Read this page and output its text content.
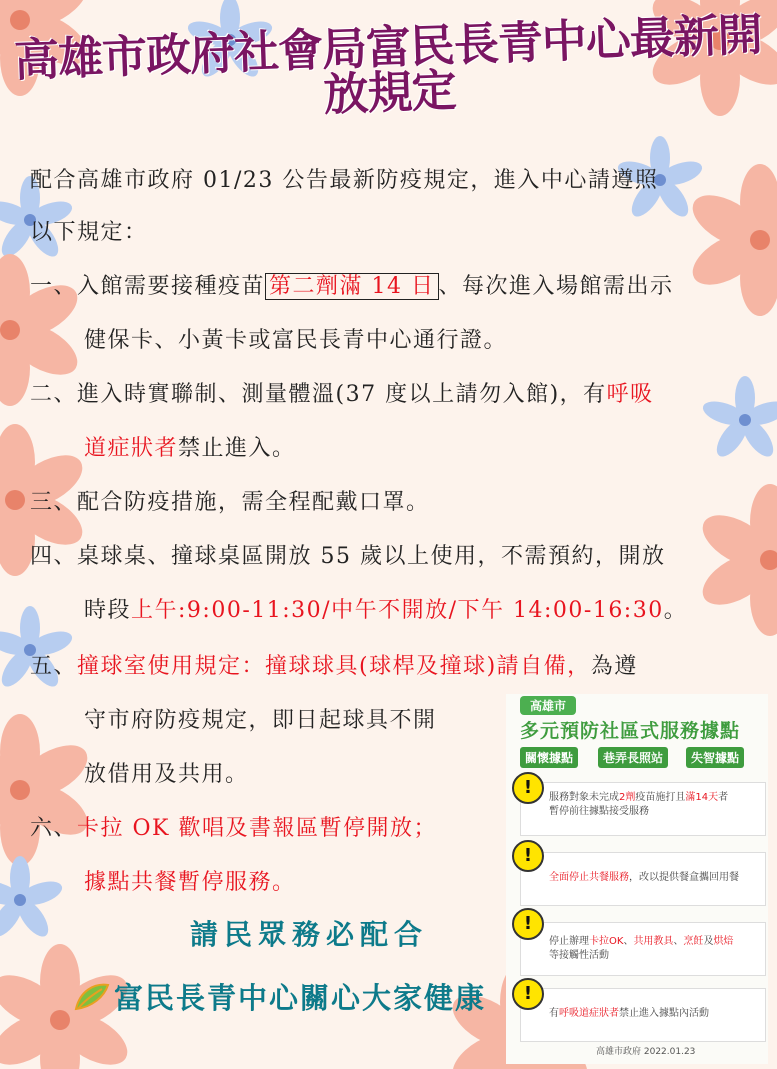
高雄市政府社會局富民長青中心最新開放規定
配合高雄市政府 01/23 公告最新防疫規定，進入中心請遵照
以下規定：
一、入館需要接種疫苗 第二劑滿 14 日 、每次進入場館需出示
健保卡、小黃卡或富民長青中心通行證。
二、進入時實聯制、測量體溫(37 度以上請勿入館)，有呼吸
道症狀者禁止進入。
三、配合防疫措施，需全程配戴口罩。
四、桌球桌、撞球桌區開放 55 歲以上使用，不需預約，開放
時段上午:9:00-11:30/中午不開放/下午 14:00-16:30。
五、撞球室使用規定：撞球球具(球桿及撞球)請自備，為遵
守市府防疫規定，即日起球具不開
放借用及共用。
六、卡拉 OK 歡唱及書報區暫停開放；
據點共餐暫停服務。
請民眾務必配合
富民長青中心關心大家健康
高雄市
多元預防社區式服務據點
關懷據點	巷弄長照站	失智據點
服務對象未完成2劑疫苗施打且滿14天者
暫停前往據點接受服務
!
全面停止共餐服務，改以提供餐盒攜回用餐
!
停止辦理卡拉OK、共用教具、烹飪及烘焙
等接觸性活動
!
有呼吸道症狀者禁止進入據點內活動
!
高雄市政府 2022.01.23
